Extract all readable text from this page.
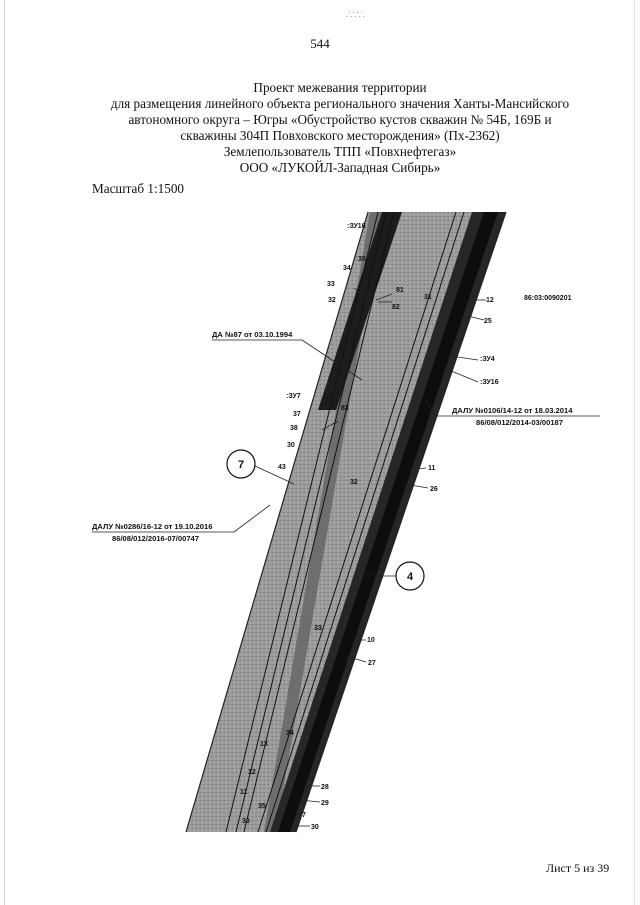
∴∵∴
544
Проект межевания территории
для размещения линейного объекта регионального значения Ханты-Мансийского
автономного округа – Югры «Обустройство кустов скважин № 54Б, 169Б и
скважины 304П Повховского месторождения» (Пх-2362)
Землепользователь ТПП «Повхнефтегаз»
ООО «ЛУКОЙЛ-Западная Сибирь»
Масштаб 1:1500
7
4
86:03:0090201
:ЗУ16
:ЗУ4
:ЗУ16
:ЗУ7
ДА №87 от 03.10.1994
ДАЛУ №0106/14-12 от 18.03.2014
86/08/012/2014-03/00187
ДАЛУ №0286/16-12 от 19.10.2016
86/08/012/2016-07/00747
35
34
33
32
81
82
31	12
25
83
37
38
30
43	11
32
26
33
10
27
34
13
12
11
8
28
29
35
7
30
30
Лист 5 из 39
